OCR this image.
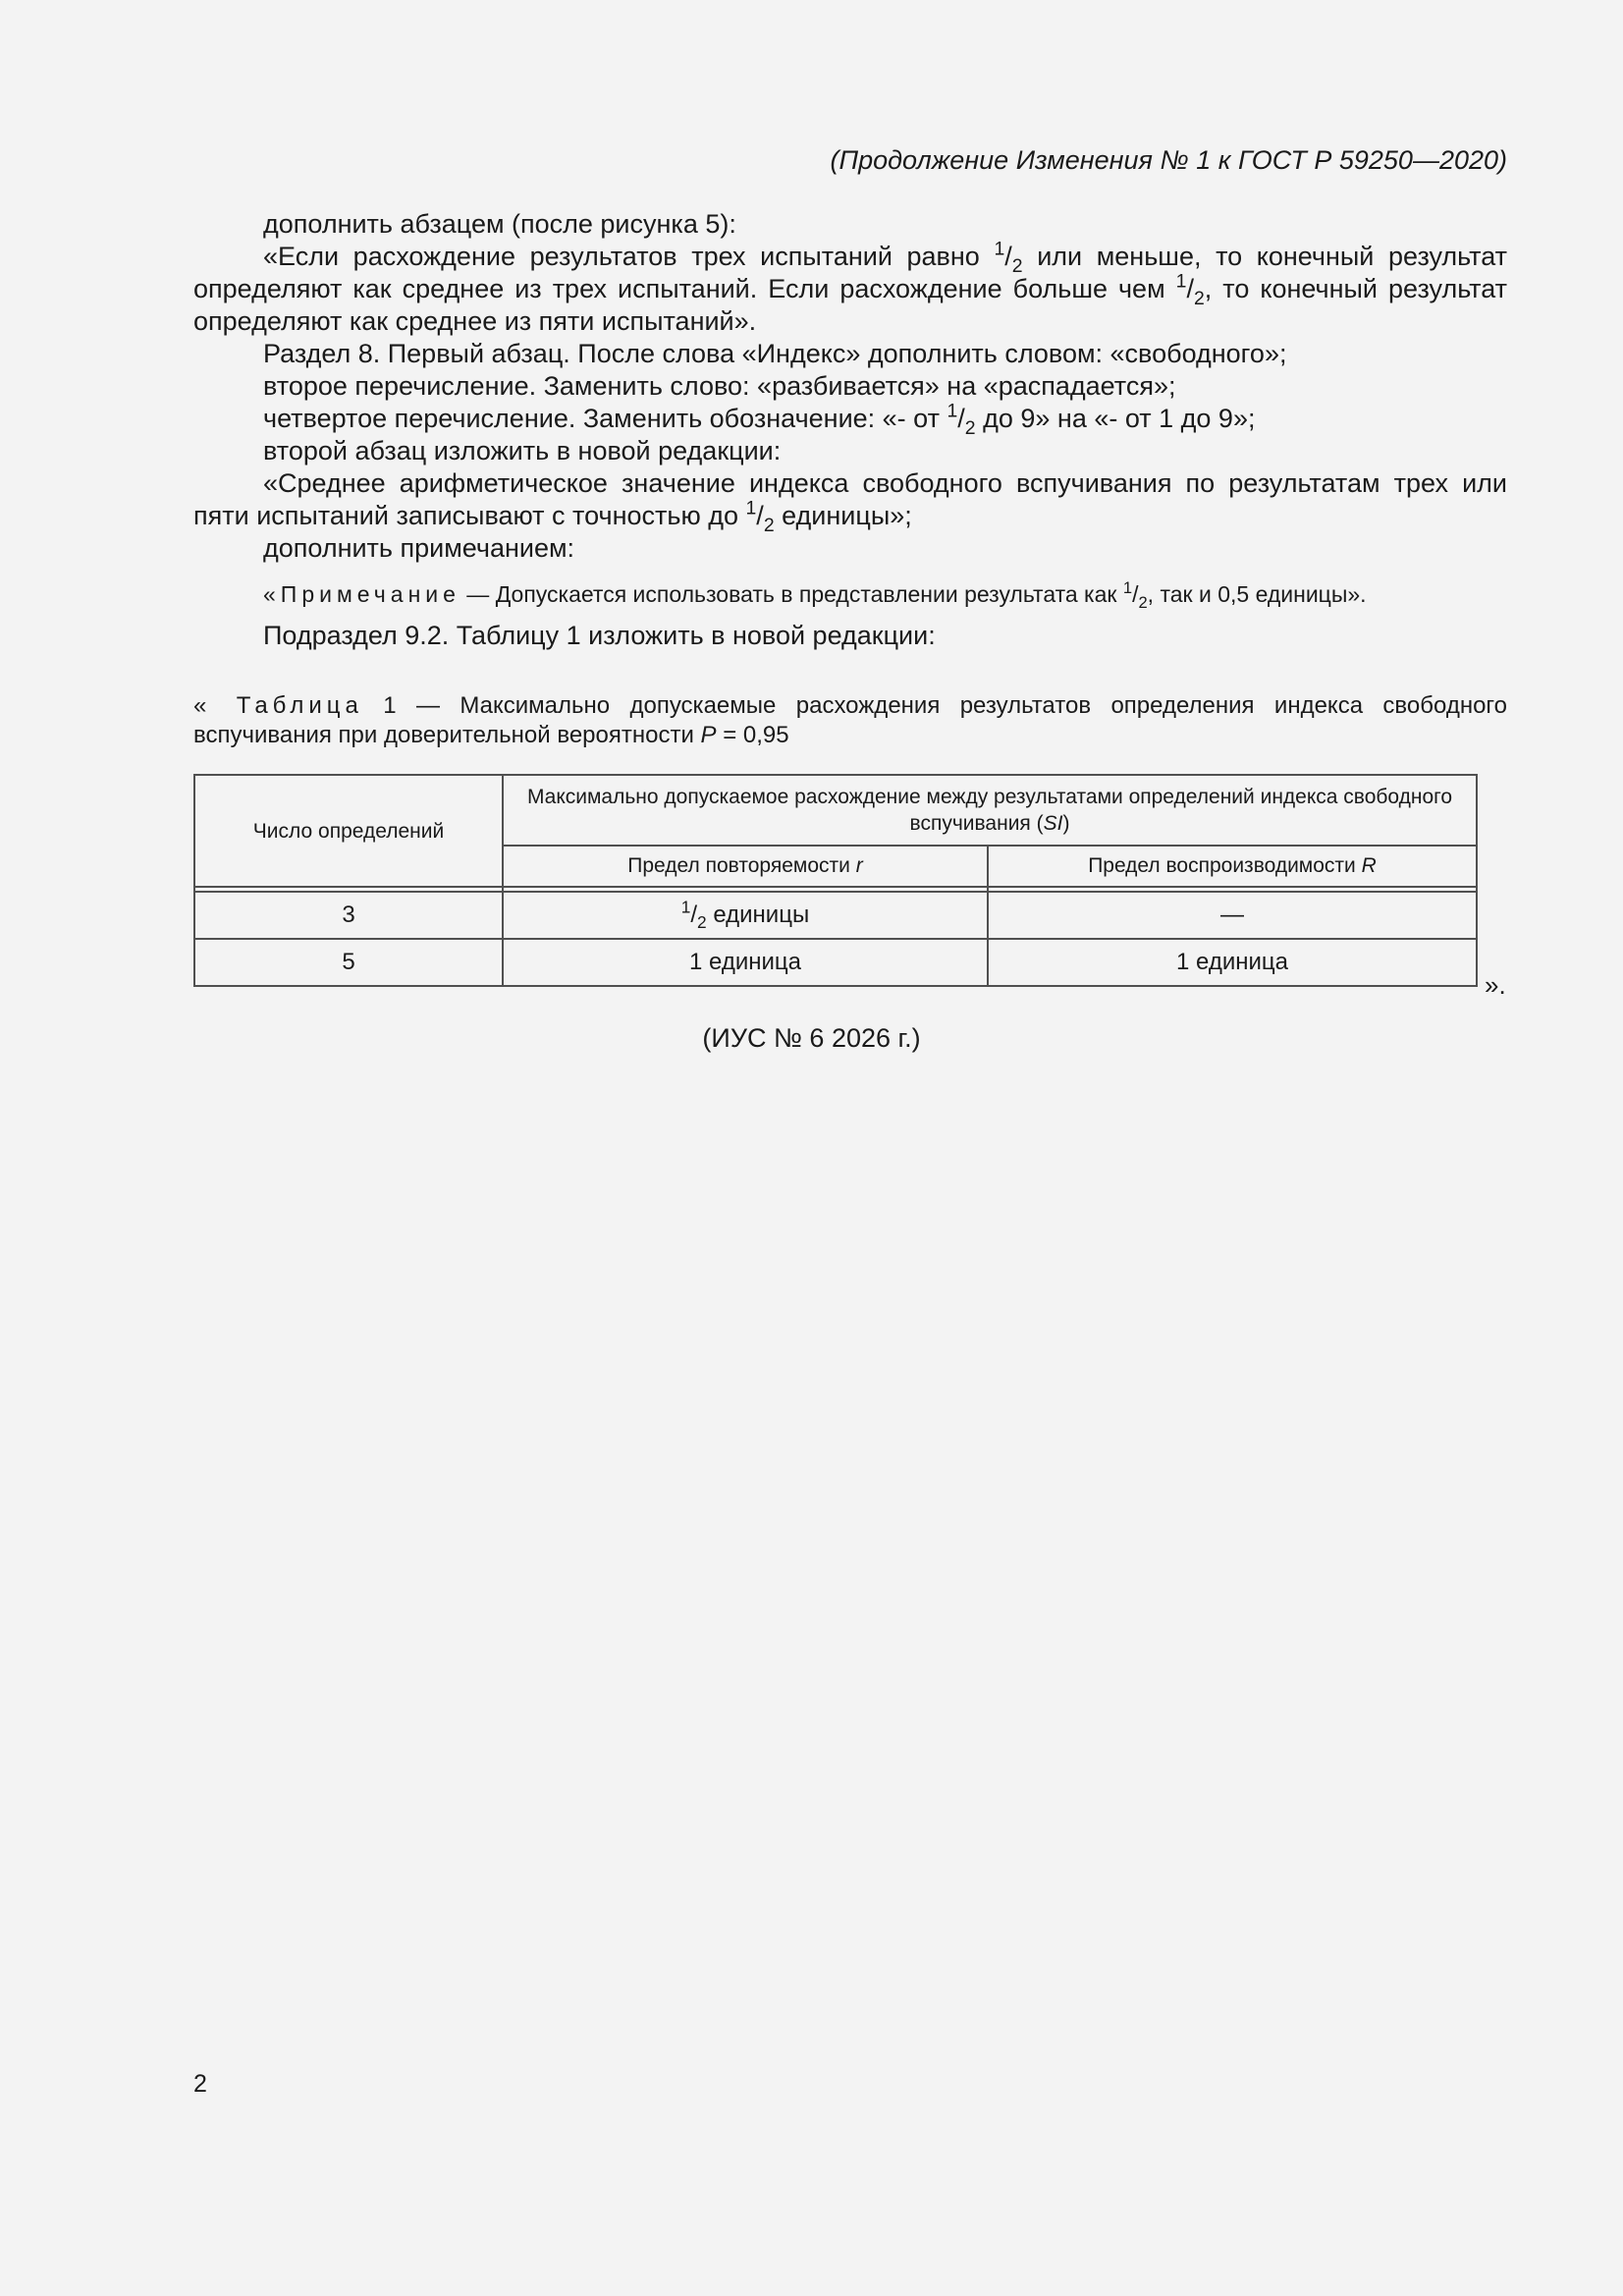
(Продолжение Изменения № 1 к ГОСТ Р 59250—2020)

дополнить абзацем (после рисунка 5):

«Если расхождение результатов трех испытаний равно $^1/_2$ или меньше, то конечный результат определяют как среднее из трех испытаний. Если расхождение больше чем $^1/_2$, то конечный результат определяют как среднее из пяти испытаний».

Раздел 8. Первый абзац. После слова «Индекс» дополнить словом: «свободного»;

второе перечисление. Заменить слово: «разбивается» на «распадается»;

четвертое перечисление. Заменить обозначение: «- от $^1/_2$ до 9» на «- от 1 до 9»;

второй абзац изложить в новой редакции:

«Среднее арифметическое значение индекса свободного вспучивания по результатам трех или пяти испытаний записывают с точностью до $^1/_2$ единицы»;

дополнить примечанием:

«Примечание — Допускается использовать в представлении результата как $^1/_2$, так и 0,5 единицы».

Подраздел 9.2. Таблицу 1 изложить в новой редакции:

« Таблица 1 — Максимально допускаемые расхождения результатов определения индекса свободного вспучивания при доверительной вероятности P = 0,95
Число определений	Максимально допускаемое расхождение между результатами определений индекса свободного вспучивания (SI)	
	Предел повторяемости r	Предел воспроизводимости R

3	$^1/_2$ единицы	—
5	1 единица	1 единица
».
(ИУС № 6 2026 г.)
2
